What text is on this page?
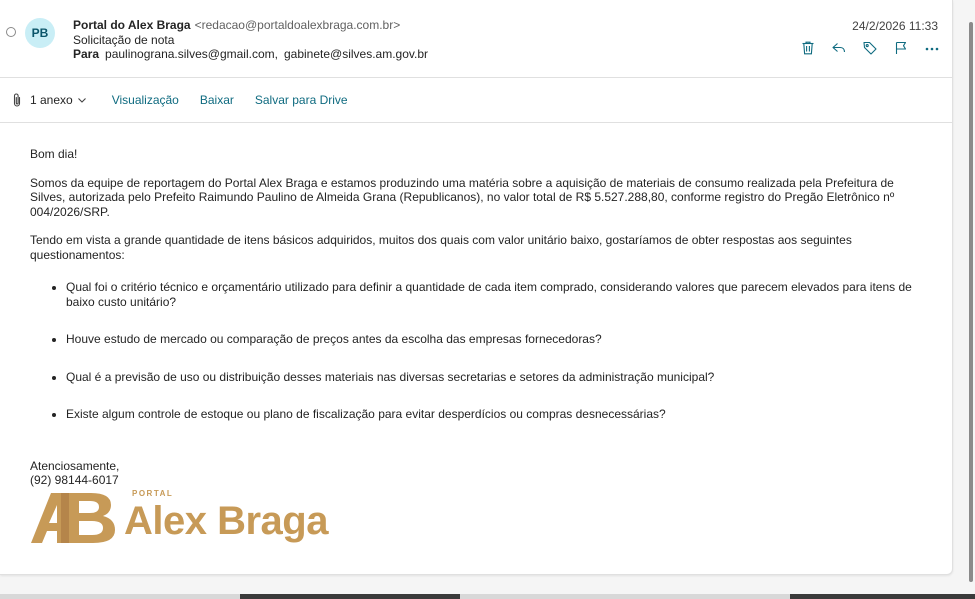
PB
Portal do Alex Braga <redacao@portaldoalexbraga.com.br>
Solicitação de nota
Para paulinograna.silves@gmail.com, gabinete@silves.am.gov.br
24/2/2026 11:33
1 anexo	Visualização Baixar Salvar para Drive

Bom dia!

Somos da equipe de reportagem do Portal Alex Braga e estamos produzindo uma matéria sobre a aquisição de materiais de consumo realizada pela Prefeitura de Silves, autorizada pelo Prefeito Raimundo Paulino de Almeida Grana (Republicanos), no valor total de R$ 5.527.288,80, conforme registro do Pregão Eletrônico nº 004/2026/SRP.

Tendo em vista a grande quantidade de itens básicos adquiridos, muitos dos quais com valor unitário baixo, gostaríamos de obter respostas aos seguintes questionamentos:

• Qual foi o critério técnico e orçamentário utilizado para definir a quantidade de cada item comprado, considerando valores que parecem elevados para itens de baixo custo unitário?
• Houve estudo de mercado ou comparação de preços antes da escolha das empresas fornecedoras?
• Qual é a previsão de uso ou distribuição desses materiais nas diversas secretarias e setores da administração municipal?
• Existe algum controle de estoque ou plano de fiscalização para evitar desperdícios ou compras desnecessárias?
Atenciosamente,
(92) 98144-6017
PORTAL
Alex Braga
